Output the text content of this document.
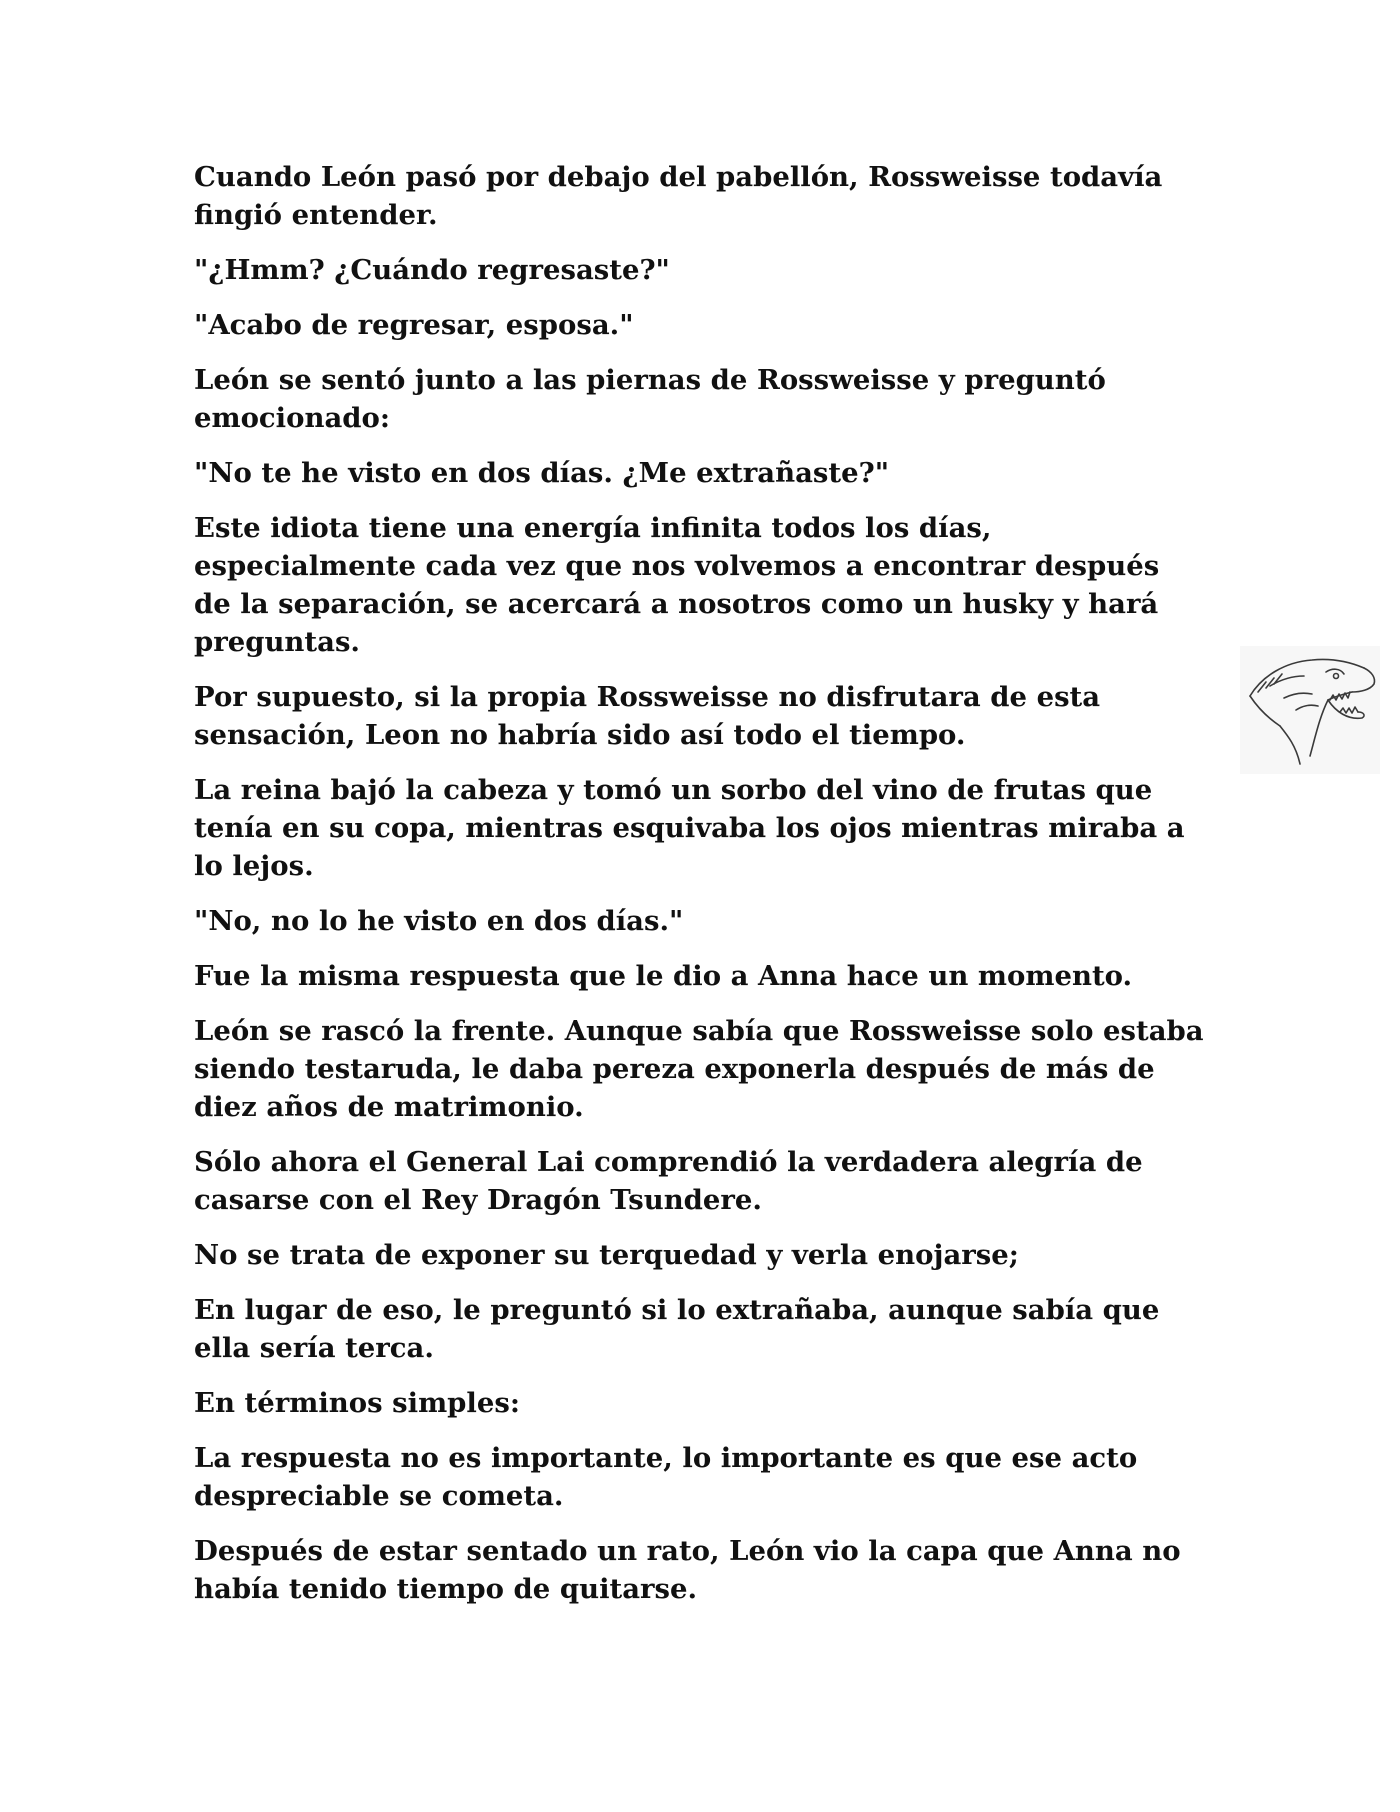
Cuando León pasó por debajo del pabellón, Rossweisse todavía fingió entender.

"¿Hmm? ¿Cuándo regresaste?"

"Acabo de regresar, esposa."

León se sentó junto a las piernas de Rossweisse y preguntó emocionado:

"No te he visto en dos días. ¿Me extrañaste?"

Este idiota tiene una energía infinita todos los días, especialmente cada vez que nos volvemos a encontrar después de la separación, se acercará a nosotros como un husky y hará preguntas.

Por supuesto, si la propia Rossweisse no disfrutara de esta sensación, Leon no habría sido así todo el tiempo.

La reina bajó la cabeza y tomó un sorbo del vino de frutas que tenía en su copa, mientras esquivaba los ojos mientras miraba a lo lejos.

"No, no lo he visto en dos días."

Fue la misma respuesta que le dio a Anna hace un momento.

León se rascó la frente. Aunque sabía que Rossweisse solo estaba siendo testaruda, le daba pereza exponerla después de más de diez años de matrimonio.

Sólo ahora el General Lai comprendió la verdadera alegría de casarse con el Rey Dragón Tsundere.

No se trata de exponer su terquedad y verla enojarse;

En lugar de eso, le preguntó si lo extrañaba, aunque sabía que ella sería terca.

En términos simples:

La respuesta no es importante, lo importante es que ese acto despreciable se cometa.

Después de estar sentado un rato, León vio la capa que Anna no había tenido tiempo de quitarse.
